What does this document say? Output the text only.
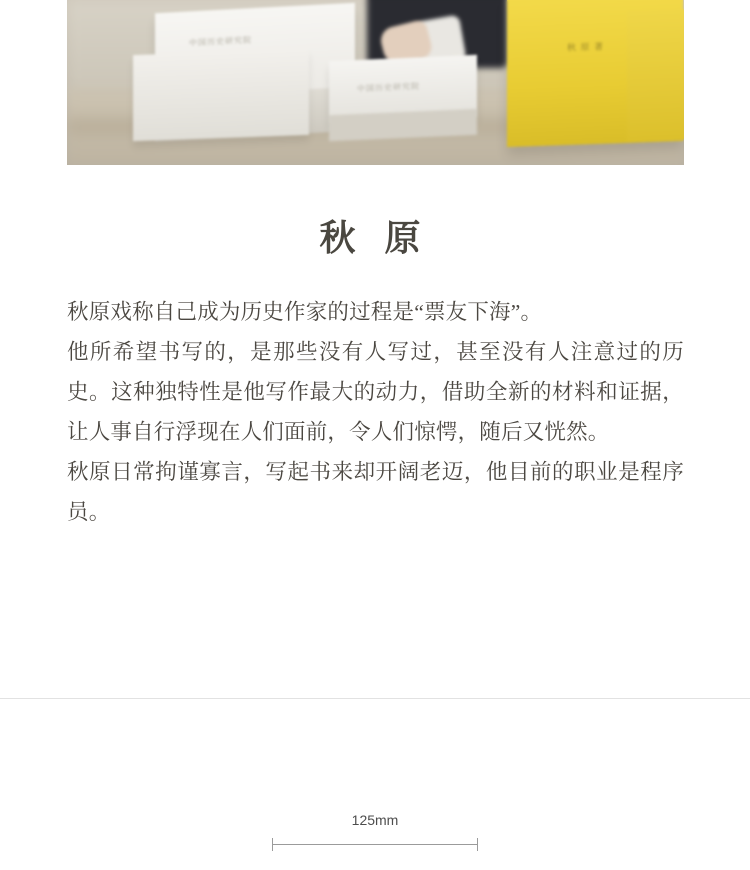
中国历史研究院
中国历史研究院
秋 原 著
秋 原

秋原戏称自己成为历史作家的过程是“票友下海”。

他所希望书写的，是那些没有人写过，甚至没有人注意过的历史。这种独特性是他写作最大的动力，借助全新的材料和证据，让人事自行浮现在人们面前，令人们惊愕，随后又恍然。

秋原日常拘谨寡言，写起书来却开阔老迈，他目前的职业是程序员。

125mm
